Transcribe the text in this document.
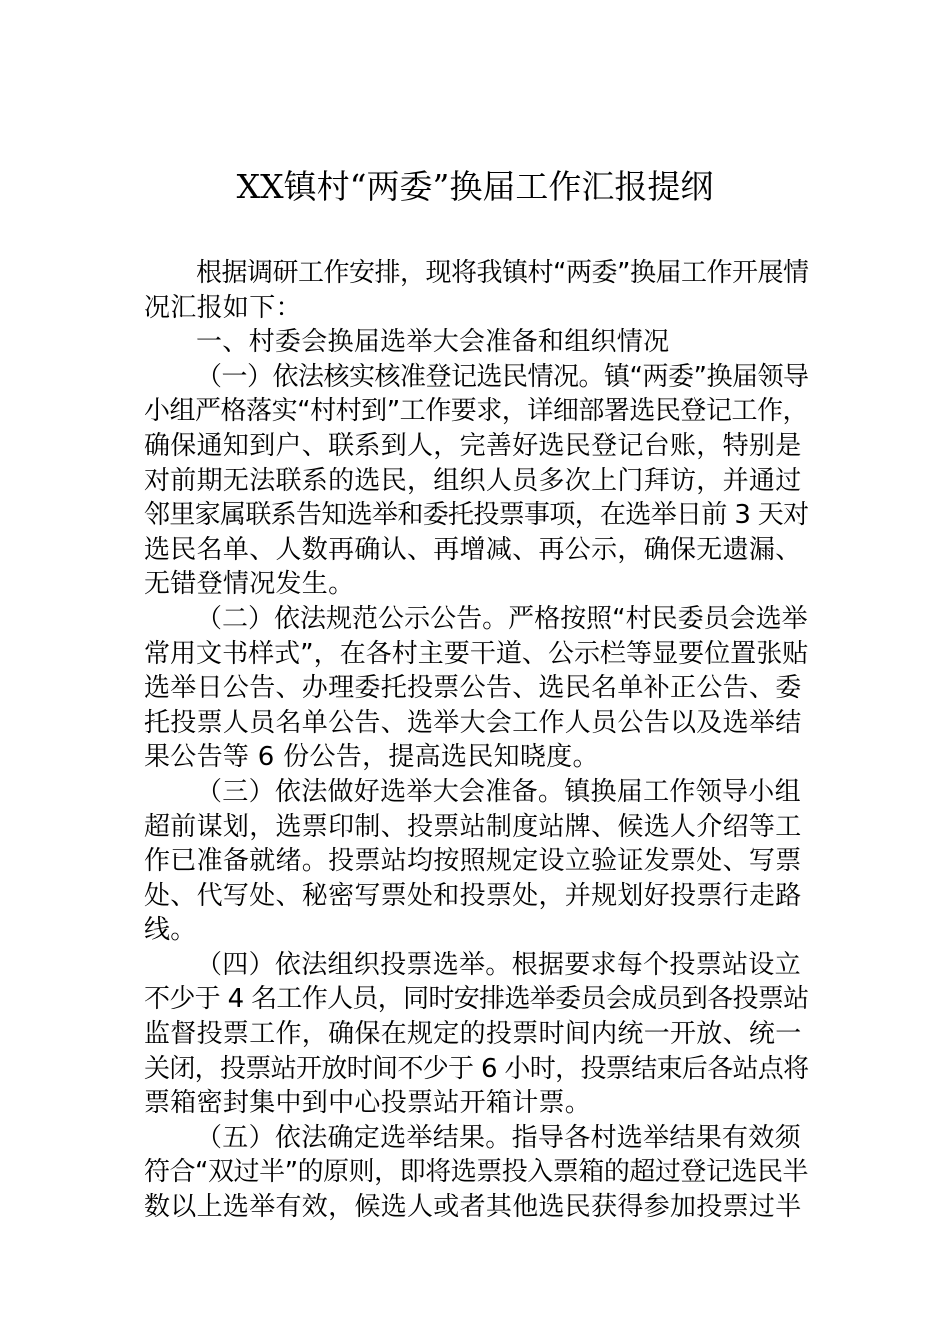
XX镇村“两委”换届工作汇报提纲
根据调研工作安排，现将我镇村“两委”换届工作开展情
况汇报如下：
一、村委会换届选举大会准备和组织情况
（一）依法核实核准登记选民情况。镇“两委”换届领导
小组严格落实“村村到”工作要求，详细部署选民登记工作，
确保通知到户、联系到人，完善好选民登记台账，特别是
对前期无法联系的选民，组织人员多次上门拜访，并通过
邻里家属联系告知选举和委托投票事项，在选举日前 3 天对
选民名单、人数再确认、再增减、再公示，确保无遗漏、
无错登情况发生。
（二）依法规范公示公告。严格按照“村民委员会选举
常用文书样式”，在各村主要干道、公示栏等显要位置张贴
选举日公告、办理委托投票公告、选民名单补正公告、委
托投票人员名单公告、选举大会工作人员公告以及选举结
果公告等 6 份公告，提高选民知晓度。
（三）依法做好选举大会准备。镇换届工作领导小组
超前谋划，选票印制、投票站制度站牌、候选人介绍等工
作已准备就绪。投票站均按照规定设立验证发票处、写票
处、代写处、秘密写票处和投票处，并规划好投票行走路
线。
（四）依法组织投票选举。根据要求每个投票站设立
不少于 4 名工作人员，同时安排选举委员会成员到各投票站
监督投票工作，确保在规定的投票时间内统一开放、统一
关闭，投票站开放时间不少于 6 小时，投票结束后各站点将
票箱密封集中到中心投票站开箱计票。
（五）依法确定选举结果。指导各村选举结果有效须
符合“双过半”的原则，即将选票投入票箱的超过登记选民半
数以上选举有效，候选人或者其他选民获得参加投票过半
